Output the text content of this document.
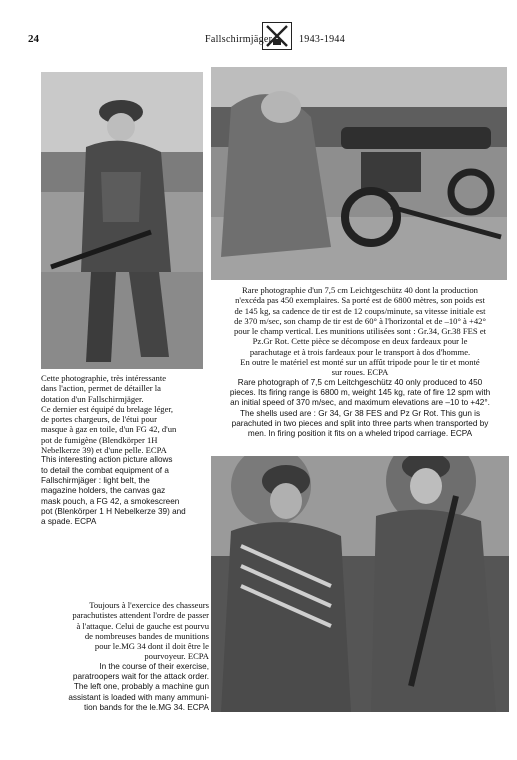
24	Fallschirmjäger	1943-1944

Cette photographie, très intéressante

dans l'action, permet de détailler la

dotation d'un Fallschirmjäger.

Ce dernier est équipé du brelage léger,

de portes chargeurs, de l'étui pour

masque à gaz en toile, d'un FG 42, d'un

pot de fumigène (Blendkörper 1H

Nebelkerze 39) et d'une pelle. ECPA

This interesting action picture allows

to detail the combat equipment of a

Fallschirmjäger : light belt, the

magazine holders, the canvas gaz

mask pouch, a FG 42, a smokescreen

pot (Blenkörper 1 H Nebelkerze 39) and

a spade. ECPA

Rare photographie d'un 7,5 cm Leichtgeschütz 40 dont la production

n'excéda pas 450 exemplaires. Sa porté est de 6800 mètres, son poids est

de 145 kg, sa cadence de tir est de 12 coups/minute, sa vitesse initiale est

de 370 m/sec, son champ de tir est de 60° à l'horizontal et de –10° à +42°

pour le champ vertical. Les munitions utilisées sont : Gr.34, Gr.38 FES et

Pz.Gr Rot. Cette pièce se décompose en deux fardeaux pour le

parachutage et à trois fardeaux pour le transport à dos d'homme.

En outre le matériel est monté sur un affût tripode pour le tir et monté

sur roues. ECPA

Rare photograph of 7,5 cm Leitchgeschütz 40 only produced to 450

pieces. Its firing range is 6800 m, weight 145 kg, rate of fire 12 spm with

an initial speed of 370 m/sec, and maximum elevations are –10 to +42°.

The shells used are : Gr 34, Gr 38 FES and Pz Gr Rot. This gun is

parachuted in two pieces and split into three parts when transported by

men. In firing position it fits on a wheled tripod carriage. ECPA

Toujours à l'exercice des chasseurs

parachutistes attendent l'ordre de passer

à l'attaque. Celui de gauche est pourvu

de nombreuses bandes de munitions

pour le.MG 34 dont il doit être le

pourvoyeur. ECPA

In the course of their exercise,

paratroopers wait for the attack order.

The left one, probably a machine gun

assistant is loaded with many ammuni-

tion bands for the le.MG 34. ECPA
